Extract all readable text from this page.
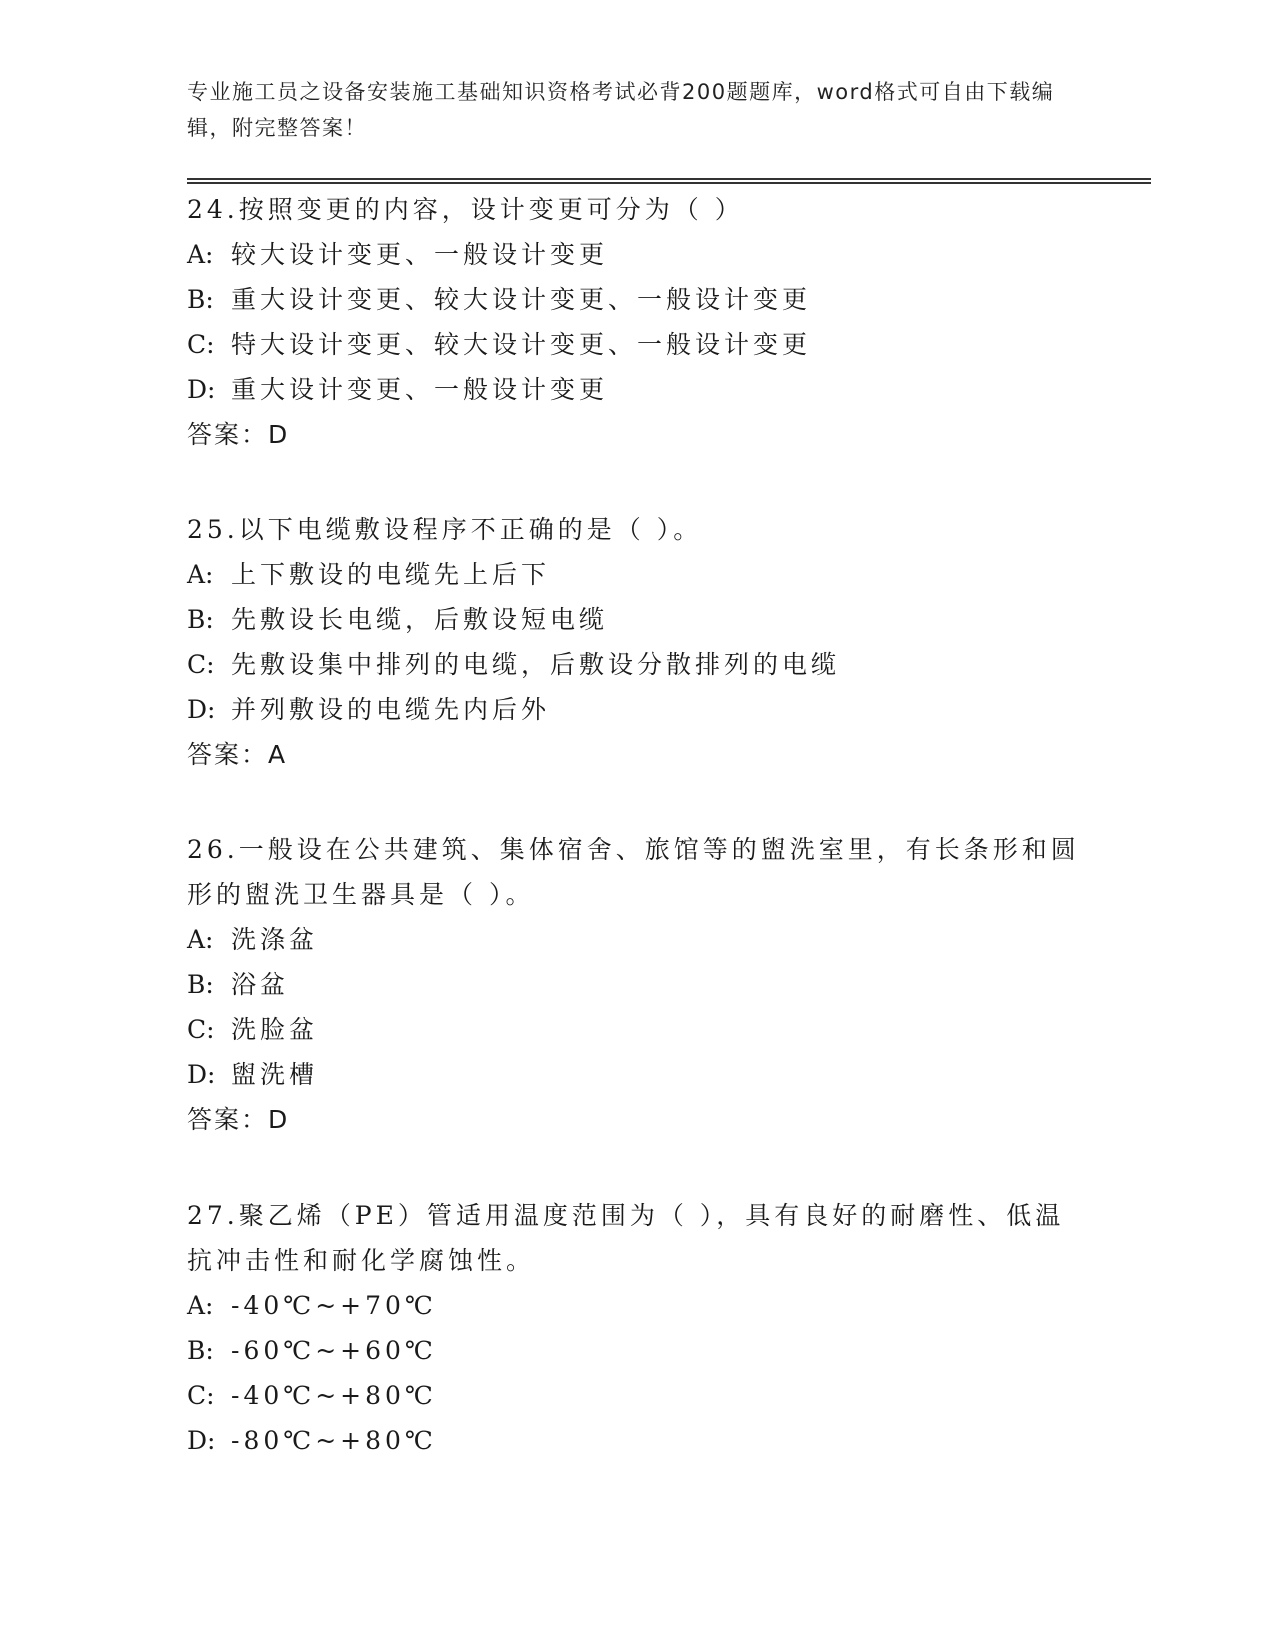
专业施工员之设备安装施工基础知识资格考试必背200题题库，word格式可自由下载编辑，附完整答案！

24.按照变更的内容，设计变更可分为（ ）

A: 较大设计变更、一般设计变更

B: 重大设计变更、较大设计变更、一般设计变更

C: 特大设计变更、较大设计变更、一般设计变更

D: 重大设计变更、一般设计变更

答案：D

25.以下电缆敷设程序不正确的是（ ）。

A: 上下敷设的电缆先上后下

B: 先敷设长电缆，后敷设短电缆

C: 先敷设集中排列的电缆，后敷设分散排列的电缆

D: 并列敷设的电缆先内后外

答案：A

26.一般设在公共建筑、集体宿舍、旅馆等的盥洗室里，有长条形和圆形的盥洗卫生器具是（ ）。

A: 洗涤盆

B: 浴盆

C: 洗脸盆

D: 盥洗槽

答案：D

27.聚乙烯（PE）管适用温度范围为（ ），具有良好的耐磨性、低温抗冲击性和耐化学腐蚀性。

A: -40℃~+70℃

B: -60℃~+60℃

C: -40℃~+80℃

D: -80℃~+80℃
